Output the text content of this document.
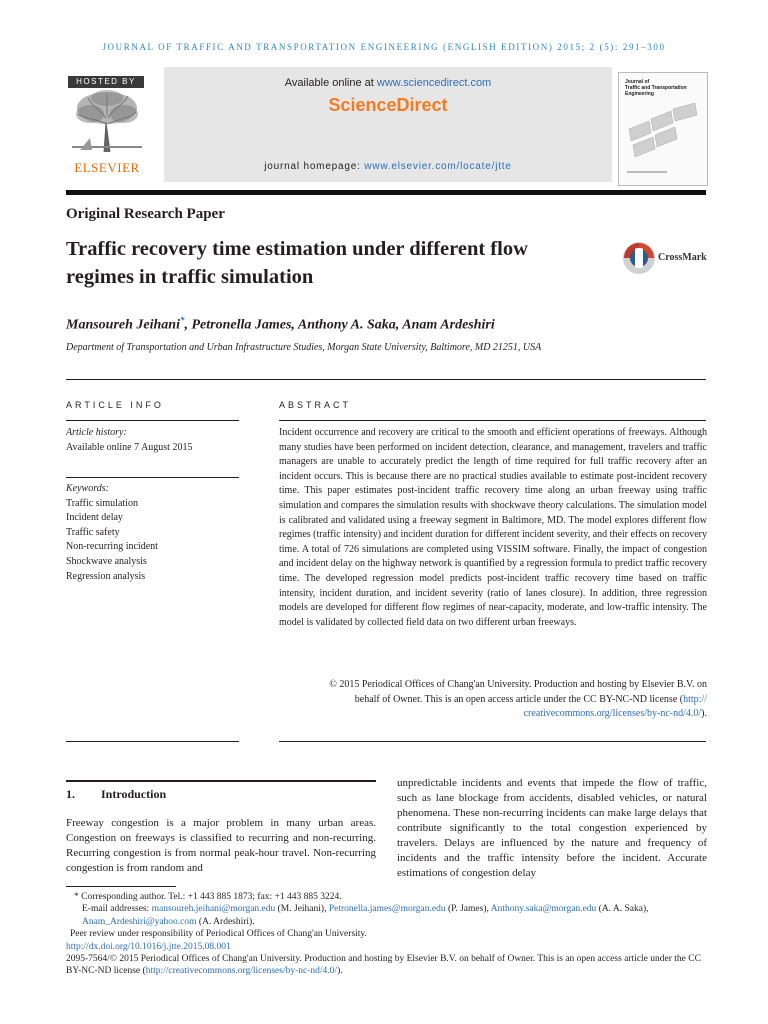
JOURNAL OF TRAFFIC AND TRANSPORTATION ENGINEERING (ENGLISH EDITION) 2015; 2 (5): 291–300
HOSTED BY
ELSEVIER
Available online at www.sciencedirect.com
ScienceDirect
journal homepage: www.elsevier.com/locate/jtte
Journal of
Traffic and Transportation
Engineering
Original Research Paper
Traffic recovery time estimation under different flow regimes in traffic simulation
CrossMark
Mansoureh Jeihani*, Petronella James, Anthony A. Saka, Anam Ardeshiri
Department of Transportation and Urban Infrastructure Studies, Morgan State University, Baltimore, MD 21251, USA
ARTICLE INFO	ABSTRACT
Article history:
Available online 7 August 2015
Keywords:
Traffic simulation
Incident delay
Traffic safety
Non-recurring incident
Shockwave analysis
Regression analysis
Incident occurrence and recovery are critical to the smooth and efficient operations of freeways. Although many studies have been performed on incident detection, clearance, and management, travelers and traffic managers are unable to accurately predict the length of time required for full traffic recovery after an incident occurs. This is because there are no practical studies available to estimate post-incident recovery time. This paper estimates post-incident traffic recovery time along an urban freeway using traffic simulation and compares the simulation results with shockwave theory calculations. The simulation model is calibrated and validated using a freeway segment in Baltimore, MD. The model explores different flow regimes (traffic intensity) and incident duration for different incident severity, and their effects on recovery time. A total of 726 simulations are completed using VISSIM software. Finally, the impact of congestion and incident delay on the highway network is quantified by a regression formula to predict traffic recovery time. The developed regression model predicts post-incident traffic recovery time based on traffic intensity, incident duration, and incident severity (ratio of lanes closure). In addition, three regression models are developed for different flow regimes of near-capacity, moderate, and low-traffic intensity. The model is validated by collected field data on two different urban freeways.
© 2015 Periodical Offices of Chang'an University. Production and hosting by Elsevier B.V. on
behalf of Owner. This is an open access article under the CC BY-NC-ND license (http://
creativecommons.org/licenses/by-nc-nd/4.0/).
1. Introduction
Freeway congestion is a major problem in many urban areas. Congestion on freeways is classified to recurring and non-recurring. Recurring congestion is from normal peak-hour travel. Non-recurring congestion is from random and
unpredictable incidents and events that impede the flow of traffic, such as lane blockage from accidents, disabled vehicles, or natural phenomena. These non-recurring incidents can make large delays that contribute significantly to the total congestion experienced by travelers. Delays are influenced by the nature and frequency of incidents and the traffic intensity before the incident. Accurate estimations of congestion delay

* Corresponding author. Tel.: +1 443 885 1873; fax: +1 443 885 3224.

E-mail addresses: mansoureh.jeihani@morgan.edu (M. Jeihani), Petronella.james@morgan.edu (P. James), Anthony.saka@morgan.edu (A. A. Saka), Anam_Ardeshiri@yahoo.com (A. Ardeshiri).

Peer review under responsibility of Periodical Offices of Chang'an University.

http://dx.doi.org/10.1016/j.jtte.2015.08.001

2095-7564/© 2015 Periodical Offices of Chang'an University. Production and hosting by Elsevier B.V. on behalf of Owner. This is an open access article under the CC BY-NC-ND license (http://creativecommons.org/licenses/by-nc-nd/4.0/).
